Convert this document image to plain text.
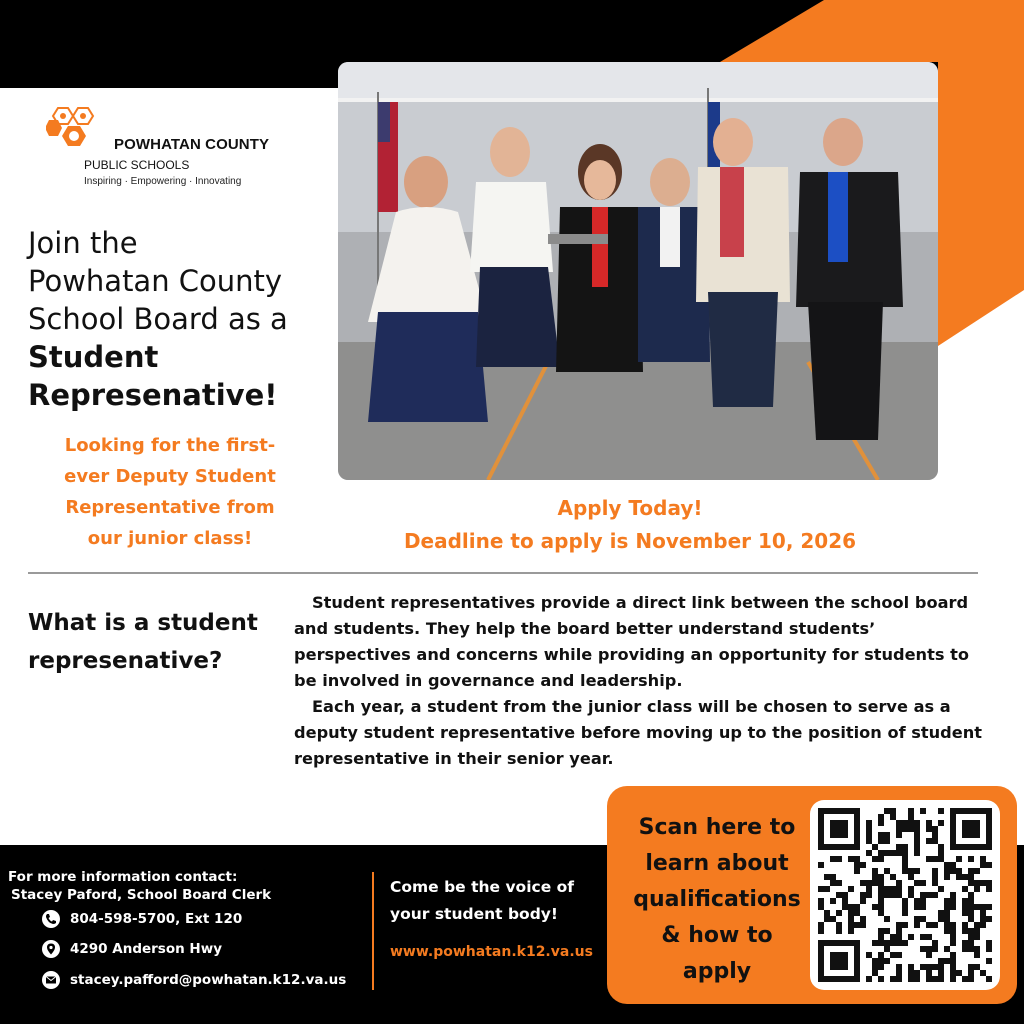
POWHATAN COUNTY
PUBLIC SCHOOLS
Inspiring · Empowering · Innovating
Join the
Powhatan County
School Board as a
Student
Represenative!
Looking for the first-
ever Deputy Student
Representative from
our junior class!
Apply Today!
Deadline to apply is November 10, 2026
What is a student
represenative?

Student representatives provide a direct link between the school board and students. They help the board better understand students’ perspectives and concerns while providing an opportunity for students to be involved in governance and leadership.

Each year, a student from the junior class will be chosen to serve as a deputy student representative before moving up to the position of student representative in their senior year.

For more information contact:
Stacey Paford, School Board Clerk
804-598-5700, Ext 120
4290 Anderson Hwy
stacey.pafford@powhatan.k12.va.us
Come be the voice of
your student body!
www.powhatan.k12.va.us
Scan here to
learn about
qualifications
& how to
apply
